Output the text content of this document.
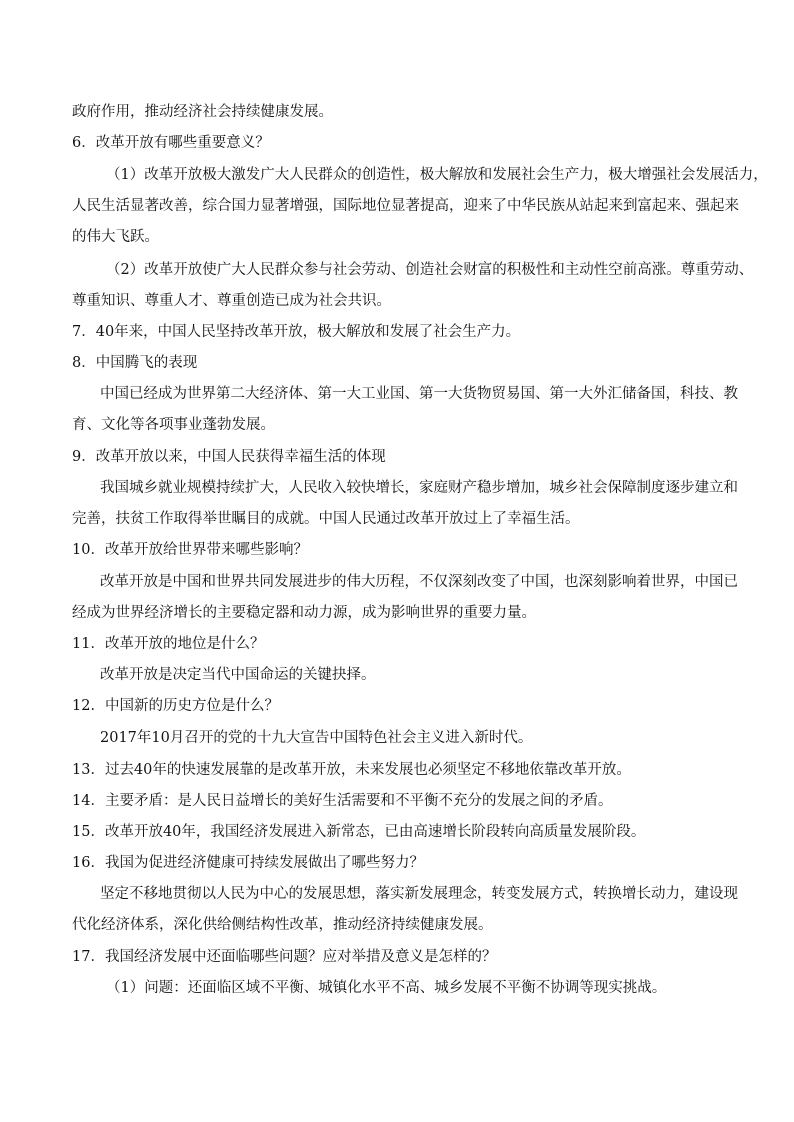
政府作用，推动经济社会持续健康发展。
6．改革开放有哪些重要意义？
（1）改革开放极大激发广大人民群众的创造性，极大解放和发展社会生产力，极大增强社会发展活力，
人民生活显著改善，综合国力显著增强，国际地位显著提高，迎来了中华民族从站起来到富起来、强起来
的伟大飞跃。
（2）改革开放使广大人民群众参与社会劳动、创造社会财富的积极性和主动性空前高涨。尊重劳动、
尊重知识、尊重人才、尊重创造已成为社会共识。
7．40年来，中国人民坚持改革开放，极大解放和发展了社会生产力。
8．中国腾飞的表现
中国已经成为世界第二大经济体、第一大工业国、第一大货物贸易国、第一大外汇储备国，科技、教
育、文化等各项事业蓬勃发展。
9．改革开放以来，中国人民获得幸福生活的体现
我国城乡就业规模持续扩大，人民收入较快增长，家庭财产稳步增加，城乡社会保障制度逐步建立和
完善，扶贫工作取得举世瞩目的成就。中国人民通过改革开放过上了幸福生活。
10．改革开放给世界带来哪些影响？
改革开放是中国和世界共同发展进步的伟大历程，不仅深刻改变了中国，也深刻影响着世界，中国已
经成为世界经济增长的主要稳定器和动力源，成为影响世界的重要力量。
11．改革开放的地位是什么？
改革开放是决定当代中国命运的关键抉择。
12．中国新的历史方位是什么？
2017年10月召开的党的十九大宣告中国特色社会主义进入新时代。
13．过去40年的快速发展靠的是改革开放，未来发展也必须坚定不移地依靠改革开放。
14．主要矛盾：是人民日益增长的美好生活需要和不平衡不充分的发展之间的矛盾。
15．改革开放40年，我国经济发展进入新常态，已由高速增长阶段转向高质量发展阶段。
16．我国为促进经济健康可持续发展做出了哪些努力？
坚定不移地贯彻以人民为中心的发展思想，落实新发展理念，转变发展方式，转换增长动力，建设现
代化经济体系，深化供给侧结构性改革，推动经济持续健康发展。
17．我国经济发展中还面临哪些问题？应对举措及意义是怎样的？
（1）问题：还面临区域不平衡、城镇化水平不高、城乡发展不平衡不协调等现实挑战。
